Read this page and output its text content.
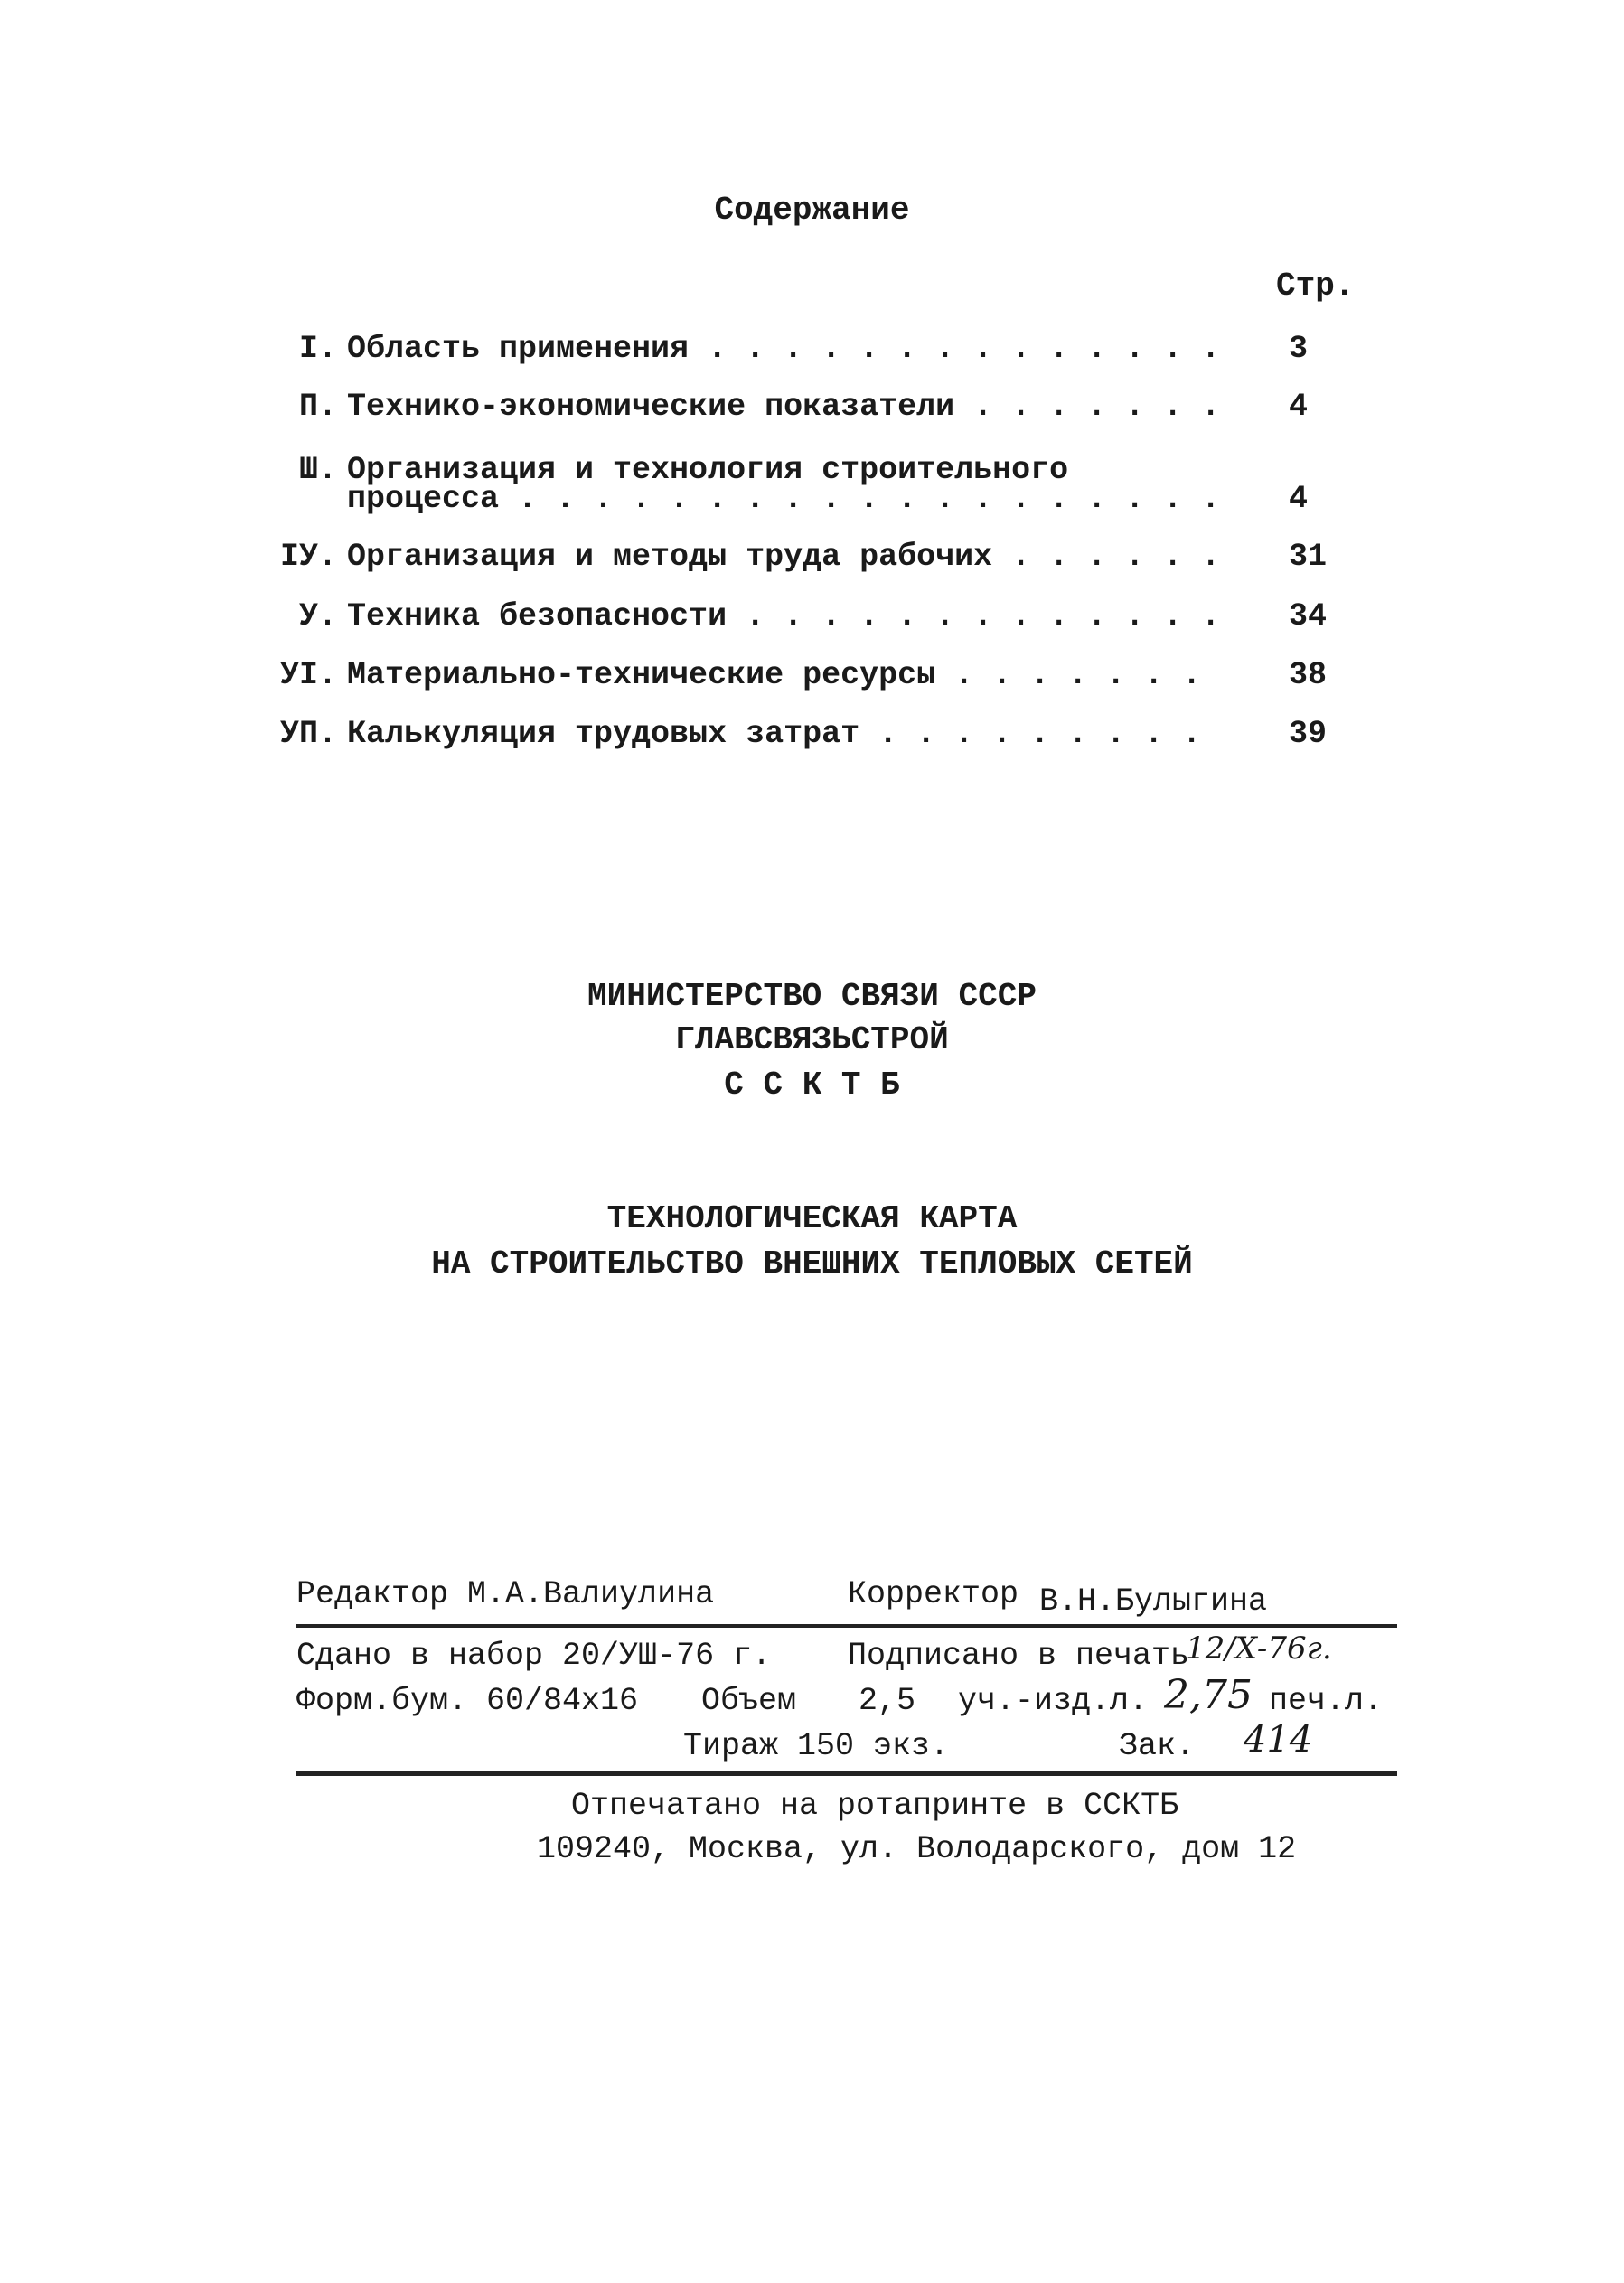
Содержание
Стр.
I. Область применения . . .	3
П. Технико-экономические показатели . . .	4
Ш. Организация и технология строительного
процесса . . .	4
IУ. Организация и методы труда рабочих . . .	31
У. Техника безопасности . . .	34
УI. Материально-технические ресурсы . . .	38
УП. Калькуляция трудовых затрат . . .	39
МИНИСТЕРСТВО СВЯЗИ СССР
ГЛАВСВЯЗЬСТРОЙ
С С К Т Б
ТЕХНОЛОГИЧЕСКАЯ КАРТА
НА СТРОИТЕЛЬСТВО ВНЕШНИХ ТЕПЛОВЫХ СЕТЕЙ
Редактор М.А.Валиулина	Корректор В.Н.Булыгина
Сдано в набор 20/УШ-76 г. Подписано в печать
12/Х-76г.
Форм.бум. 60/84x16 Объем 2,5 уч.-изд.л. 2,75 печ.л.
Тираж 150 экз.	Зак. 414
Отпечатано на ротапринте в ССКТБ
109240, Москва, ул. Володарского, дом 12
